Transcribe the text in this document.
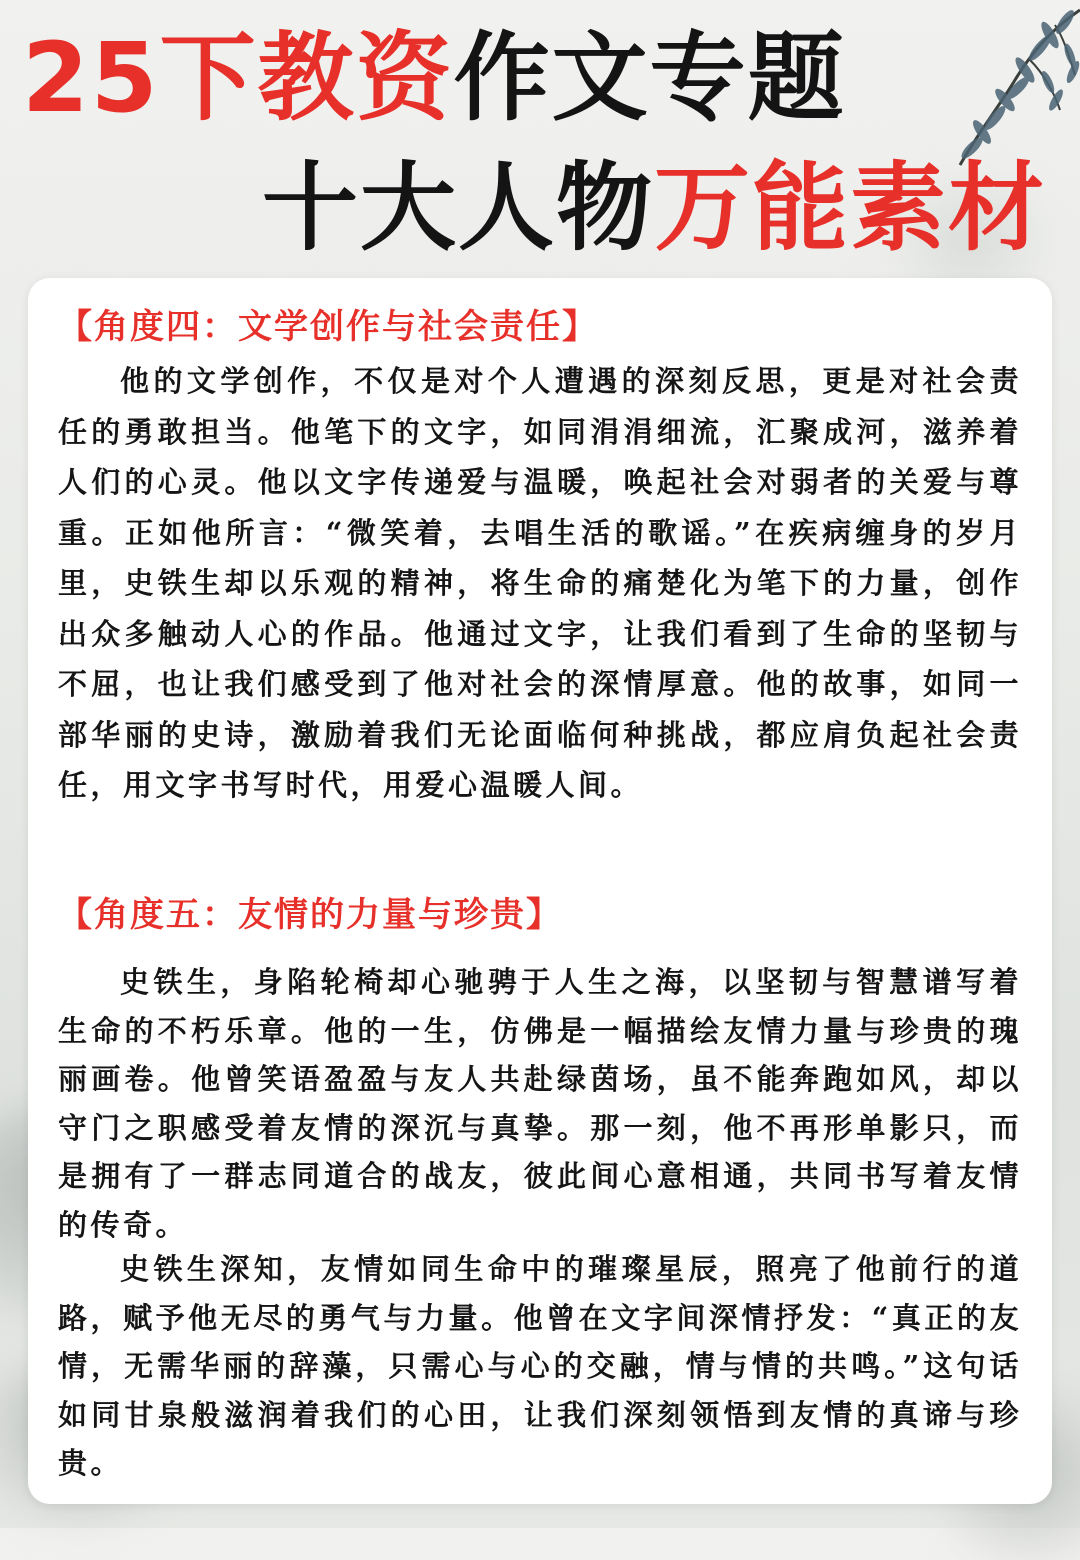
25下教资作文专题
十大人物万能素材
【角度四：文学创作与社会责任】

他的文学创作，不仅是对个人遭遇的深刻反思，更是对社会责任的勇敢担当。他笔下的文字，如同涓涓细流，汇聚成河，滋养着人们的心灵。他以文字传递爱与温暖，唤起社会对弱者的关爱与尊重。正如他所言：“微笑着，去唱生活的歌谣。”在疾病缠身的岁月里，史铁生却以乐观的精神，将生命的痛楚化为笔下的力量，创作出众多触动人心的作品。他通过文字，让我们看到了生命的坚韧与不屈，也让我们感受到了他对社会的深情厚意。他的故事，如同一部华丽的史诗，激励着我们无论面临何种挑战，都应肩负起社会责任，用文字书写时代，用爱心温暖人间。

【角度五：友情的力量与珍贵】

史铁生，身陷轮椅却心驰骋于人生之海，以坚韧与智慧谱写着生命的不朽乐章。他的一生，仿佛是一幅描绘友情力量与珍贵的瑰丽画卷。他曾笑语盈盈与友人共赴绿茵场，虽不能奔跑如风，却以守门之职感受着友情的深沉与真挚。那一刻，他不再形单影只，而是拥有了一群志同道合的战友，彼此间心意相通，共同书写着友情的传奇。

史铁生深知，友情如同生命中的璀璨星辰，照亮了他前行的道路，赋予他无尽的勇气与力量。他曾在文字间深情抒发：“真正的友情，无需华丽的辞藻，只需心与心的交融，情与情的共鸣。”这句话如同甘泉般滋润着我们的心田，让我们深刻领悟到友情的真谛与珍贵。
